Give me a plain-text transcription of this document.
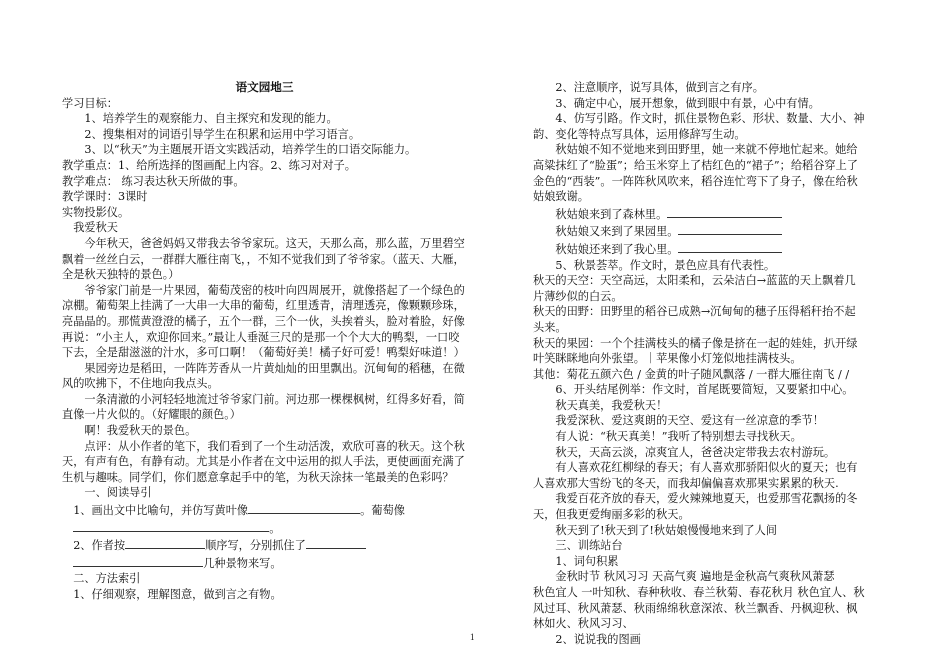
语文园地三

学习目标：

1、培养学生的观察能力、自主探究和发现的能力。

2、搜集相对的词语引导学生在积累和运用中学习语言。

3、以“秋天”为主题展开语文实践活动，培养学生的口语交际能力。

教学重点：1、给所选择的图画配上内容。2、练习对对子。

教学难点： 练习表达秋天所做的事。

教学课时：3课时

实物投影仪。

我爱秋天

今年秋天，爸爸妈妈又带我去爷爷家玩。这天，天那么高，那么蓝，万里碧空飘着一丝丝白云，一群群大雁往南飞，，不知不觉我们到了爷爷家。（蓝天、大雁，全是秋天独特的景色。）

爷爷家门前是一片果园，葡萄茂密的枝叶向四周展开，就像搭起了一个绿色的凉棚。葡萄架上挂满了一大串一大串的葡萄，红里透青，清理透亮，像颗颗珍珠，亮晶晶的。那慌黄澄澄的橘子，五个一群，三个一伙，头挨着头，脸对着脸，好像再说：“小主人，欢迎你回来。”最让人垂涎三尺的是那一个个大大的鸭梨，一口咬下去，全是甜滋滋的汁水，多可口啊！（葡萄好美！橘子好可爱！鸭梨好味道！）

果园旁边是稻田，一阵阵芳香从一片黄灿灿的田里飘出。沉甸甸的稻穗，在微风的吹拂下，不住地向我点头。

一条清澈的小河轻轻地流过爷爷家门前。河边那一棵棵枫树，红得多好看，简直像一片火似的。（好耀眼的颜色。）

啊！我爱秋天的景色。

点评：从小作者的笔下，我们看到了一个生动活泼，欢欣可喜的秋天。这个秋天，有声有色，有静有动。尤其是小作者在文中运用的拟人手法，更使画面充满了生机与趣味。同学们，你们愿意拿起手中的笔，为秋天涂抹一笔最美的色彩吗？

一、阅读导引

1、画出文中比喻句，并仿写黄叶像	。葡萄像
。

2、作者按	顺序写，分别抓住了
几种景物来写。

二、方法索引

1、仔细观察，理解图意，做到言之有物。

2、注意顺序，说写具体，做到言之有序。

3、确定中心，展开想象，做到眼中有景，心中有情。

4、仿写引路。作文时，抓住景物色彩、形状、数量、大小、神韵、变化等特点写具体，运用修辞写生动。

秋姑娘不知不觉地来到田野里，她一来就不停地忙起来。她给高粱抹红了“脸蛋”；给玉米穿上了桔红色的“裙子”；给稻谷穿上了金色的“西装”。一阵阵秋风吹来，稻谷连忙弯下了身子，像在给秋姑娘致谢。

秋姑娘来到了森林里。

秋姑娘又来到了果园里。

秋姑娘还来到了我心里。

5、秋景荟萃。作文时，景色应具有代表性。

秋天的天空：天空高远，太阳柔和，云朵洁白→蓝蓝的天上飘着几片薄纱似的白云。

秋天的田野：田野里的稻谷已成熟→沉甸甸的穗子压得稻秆抬不起头来。

秋天的果园：一个个挂满枝头的橘子像是挤在一起的娃娃，扒开绿叶笑眯眯地向外张望。｜苹果像小灯笼似地挂满枝头。

其他：菊花五颜六色 / 金黄的叶子随风飘落 / 一群大雁往南飞 / /

6、开头结尾例举：作文时，首尾既要简短，又要紧扣中心。

秋天真美，我爱秋天！

我爱深秋、爱这爽朗的天空、爱这有一丝凉意的季节！

有人说：“秋天真美！”我听了特别想去寻找秋天。

秋天，天高云淡，凉爽宜人，爸爸决定带我去农村游玩。

有人喜欢花红柳绿的春天；有人喜欢那骄阳似火的夏天；也有人喜欢那大雪纷飞的冬天，而我却偏偏喜欢那果实累累的秋天.

我爱百花齐放的春天，爱火辣辣地夏天，也爱那雪花飘扬的冬天，但我更爱绚丽多彩的秋天。

秋天到了!秋天到了!秋姑娘慢慢地来到了人间

三、训练站台

1、词句积累

金秋时节 秋风习习 天高气爽 遍地是金秋高气爽秋风萧瑟

秋色宜人 一叶知秋、春种秋收、春兰秋菊、春花秋月 秋色宜人、秋风过耳、秋风萧瑟、秋雨绵绵秋意深浓、秋兰飘香、丹枫迎秋、枫林如火、秋风习习、

2、说说我的图画

1
